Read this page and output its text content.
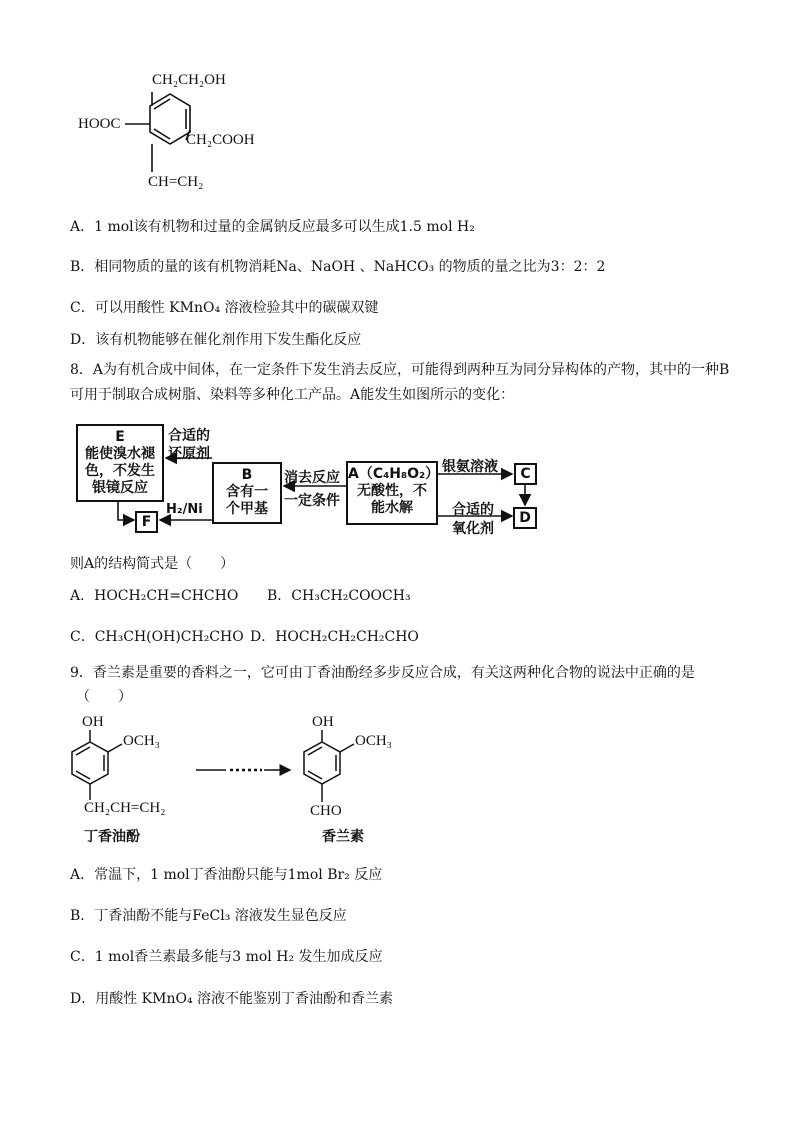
CH₂CH₂OH
HOOC
CH₂COOH
CH=CH₂
A．1 mol该有机物和过量的金属钠反应最多可以生成1.5 mol H₂
B．相同物质的量的该有机物消耗Na、NaOH 、NaHCO₃ 的物质的量之比为3：2：2
C．可以用酸性 KMnO₄ 溶液检验其中的碳碳双键
D．该有机物能够在催化剂作用下发生酯化反应
8．A为有机合成中间体，在一定条件下发生消去反应，可能得到两种互为同分异构体的产物，其中的一种B
可用于制取合成树脂、染料等多种化工产品。A能发生如图所示的变化：
E
能使溴水褪
色，不发生
银镜反应
F
B
含有一
个甲基
A（C₄H₈O₂）
无酸性，不
能水解
C
D
合适的
还原剂
H₂/Ni
消去反应
一定条件
银氨溶液
合适的
氧化剂
则A的结构简式是（　　）
A．HOCH₂CH=CHCHO B．CH₃CH₂COOCH₃
C．CH₃CH(OH)CH₂CHO D．HOCH₂CH₂CH₂CHO
9．香兰素是重要的香料之一，它可由丁香油酚经多步反应合成，有关这两种化合物的说法中正确的是
（　　）
OH
OCH₃
CH₂CH=CH₂
丁香油酚
OH
OCH₃
CHO
香兰素
A．常温下，1 mol丁香油酚只能与1mol Br₂ 反应
B．丁香油酚不能与FeCl₃ 溶液发生显色反应
C．1 mol香兰素最多能与3 mol H₂ 发生加成反应
D．用酸性 KMnO₄ 溶液不能鉴别丁香油酚和香兰素
